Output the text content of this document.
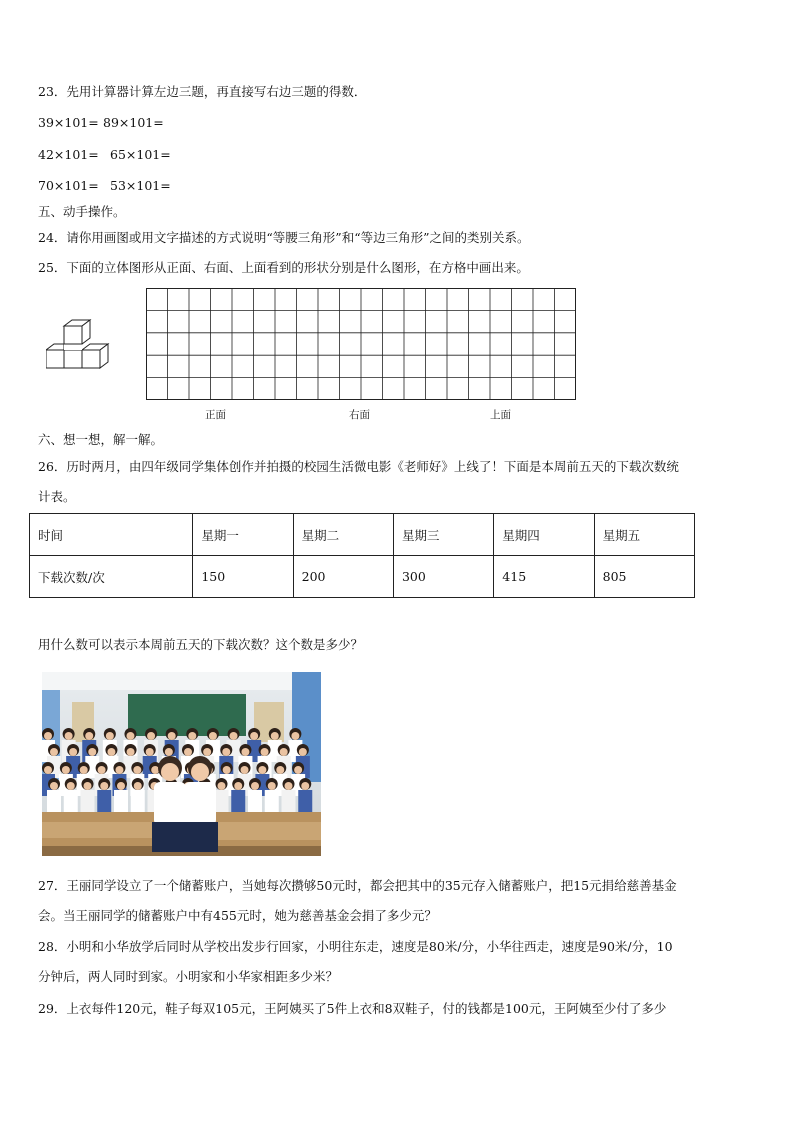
23．先用计算器计算左边三题，再直接写右边三题的得数．
39×101= 89×101=
42×101= 65×101=
70×101= 53×101=
五、动手操作。
24．请你用画图或用文字描述的方式说明“等腰三角形”和“等边三角形”之间的类别关系。
25．下面的立体图形从正面、右面、上面看到的形状分别是什么图形，在方格中画出来。
正面	右面	上面
六、想一想，解一解。
26．历时两月，由四年级同学集体创作并拍摄的校园生活微电影《老师好》上线了！下面是本周前五天的下载次数统
计表。
时间	星期一	星期二	星期三	星期四	星期五
下载次数/次	150	200	300	415	805
用什么数可以表示本周前五天的下载次数？这个数是多少？
27．王丽同学设立了一个储蓄账户，当她每次攒够50元时，都会把其中的35元存入储蓄账户，把15元捐给慈善基金
会。当王丽同学的储蓄账户中有455元时，她为慈善基金会捐了多少元？
28．小明和小华放学后同时从学校出发步行回家，小明往东走，速度是80米/分，小华往西走，速度是90米/分，10
分钟后，两人同时到家。小明家和小华家相距多少米？
29．上衣每件120元，鞋子每双105元，王阿姨买了5件上衣和8双鞋子，付的钱都是100元，王阿姨至少付了多少
